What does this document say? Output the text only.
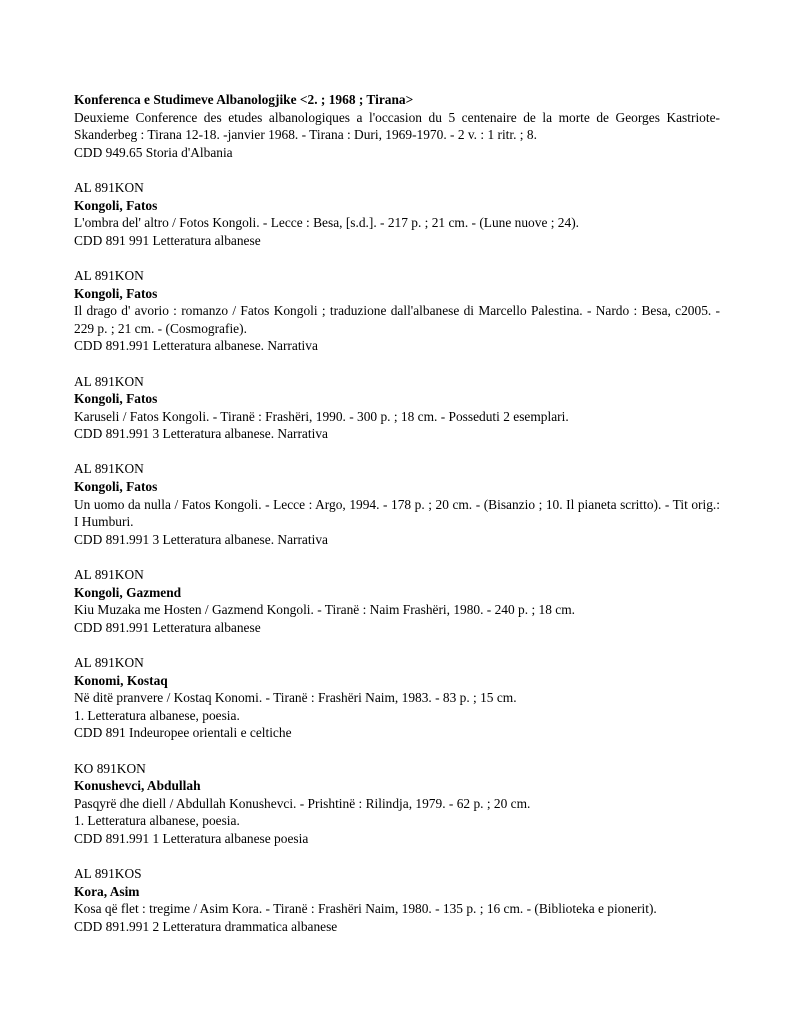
Konferenca e Studimeve Albanologjike <2. ; 1968 ; Tirana>
Deuxieme Conference des etudes albanologiques a l'occasion du 5 centenaire de la morte de Georges Kastriote-Skanderbeg : Tirana 12-18. -janvier 1968. - Tirana : Duri, 1969-1970. - 2 v. : 1 ritr. ; 8.
CDD 949.65 Storia d'Albania
AL 891KON
Kongoli, Fatos
L'ombra del' altro / Fotos Kongoli. - Lecce : Besa, [s.d.]. - 217 p. ; 21 cm. - (Lune nuove ; 24).
CDD 891 991 Letteratura albanese
AL 891KON
Kongoli, Fatos
Il drago d' avorio : romanzo / Fatos Kongoli ; traduzione dall'albanese di Marcello Palestina. - Nardo : Besa, c2005. - 229 p. ; 21 cm. - (Cosmografie).
CDD 891.991 Letteratura albanese. Narrativa
AL 891KON
Kongoli, Fatos
Karuseli / Fatos Kongoli. - Tiranë : Frashëri, 1990. - 300 p. ; 18 cm. - Posseduti 2 esemplari.
CDD 891.991 3 Letteratura albanese. Narrativa
AL 891KON
Kongoli, Fatos
Un uomo da nulla / Fatos Kongoli. - Lecce : Argo, 1994. - 178 p. ; 20 cm. - (Bisanzio ; 10. Il pianeta scritto). - Tit orig.: I Humburi.
CDD 891.991 3 Letteratura albanese. Narrativa
AL 891KON
Kongoli, Gazmend
Kiu Muzaka me Hosten / Gazmend Kongoli. - Tiranë : Naim Frashëri, 1980. - 240 p. ; 18 cm.
CDD 891.991 Letteratura albanese
AL 891KON
Konomi, Kostaq
Në ditë pranvere / Kostaq Konomi. - Tiranë : Frashëri Naim, 1983. - 83 p. ; 15 cm.
1. Letteratura albanese, poesia.
CDD 891 Indeuropee orientali e celtiche
KO 891KON
Konushevci, Abdullah
Pasqyrë dhe diell / Abdullah Konushevci. - Prishtinë : Rilindja, 1979. - 62 p. ; 20 cm.
1. Letteratura albanese, poesia.
CDD 891.991 1 Letteratura albanese poesia
AL 891KOS
Kora, Asim
Kosa që flet : tregime / Asim Kora. - Tiranë : Frashëri Naim, 1980. - 135 p. ; 16 cm. - (Biblioteka e pionerit).
CDD 891.991 2 Letteratura drammatica albanese
